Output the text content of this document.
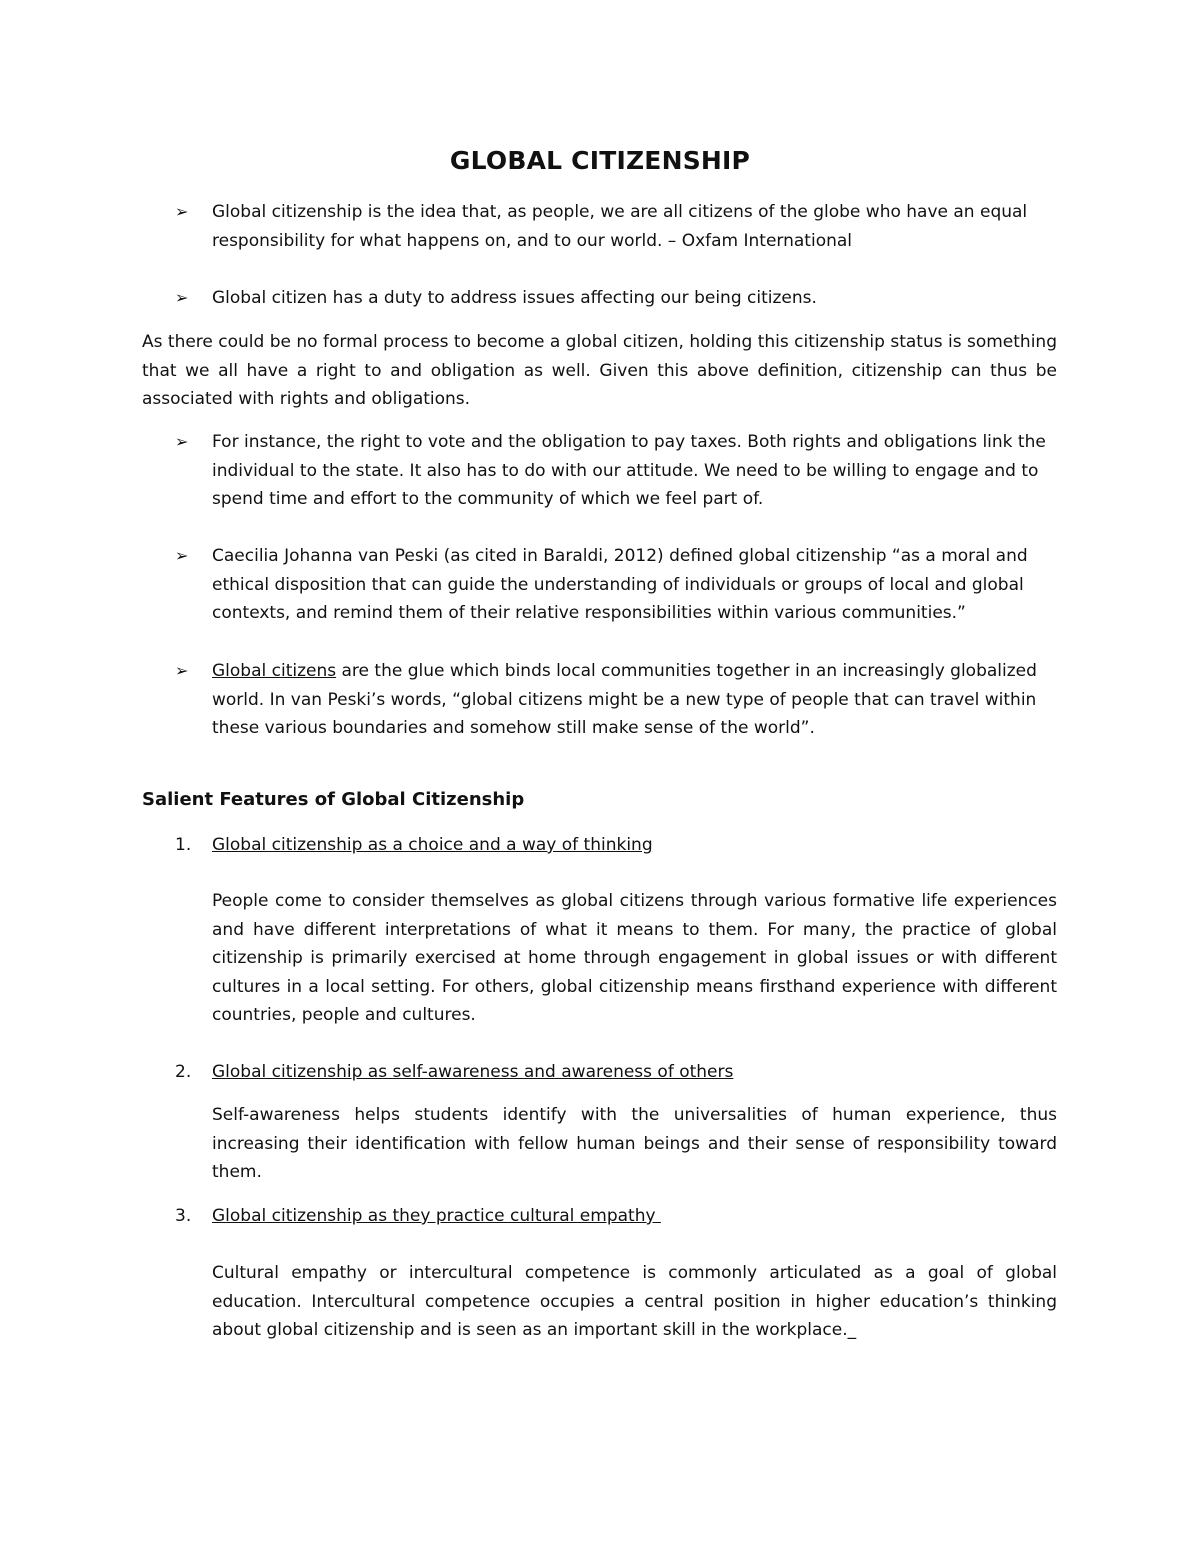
GLOBAL CITIZENSHIP
➢	Global citizenship is the idea that, as people, we are all citizens of the globe who have an equal responsibility for what happens on, and to our world. – Oxfam International
➢	Global citizen has a duty to address issues affecting our being citizens.
As there could be no formal process to become a global citizen, holding this citizenship status is something that we all have a right to and obligation as well. Given this above definition, citizenship can thus be associated with rights and obligations.
➢	For instance, the right to vote and the obligation to pay taxes. Both rights and obligations link the individual to the state. It also has to do with our attitude. We need to be willing to engage and to spend time and effort to the community of which we feel part of.
➢	Caecilia Johanna van Peski (as cited in Baraldi, 2012) defined global citizenship “as a moral and ethical disposition that can guide the understanding of individuals or groups of local and global contexts, and remind them of their relative responsibilities within various communities.”
➢	Global citizens are the glue which binds local communities together in an increasingly globalized world. In van Peski’s words, “global citizens might be a new type of people that can travel within these various boundaries and somehow still make sense of the world”.
Salient Features of Global Citizenship
1. Global citizenship as a choice and a way of thinking
People come to consider themselves as global citizens through various formative life experiences and have different interpretations of what it means to them. For many, the practice of global citizenship is primarily exercised at home through engagement in global issues or with different cultures in a local setting. For others, global citizenship means firsthand experience with different countries, people and cultures.
2. Global citizenship as self-awareness and awareness of others
Self-awareness helps students identify with the universalities of human experience, thus increasing their identification with fellow human beings and their sense of responsibility toward them.
3. Global citizenship as they practice cultural empathy
Cultural empathy or intercultural competence is commonly articulated as a goal of global education. Intercultural competence occupies a central position in higher education’s thinking about global citizenship and is seen as an important skill in the workplace._
